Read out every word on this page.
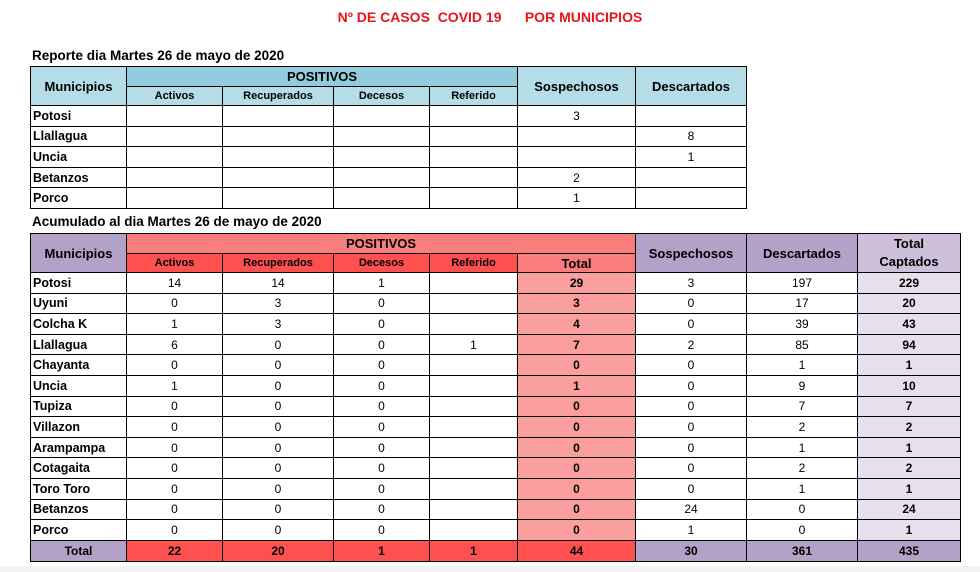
Nº DE CASOS  COVID 19 POR MUNICIPIOS
Reporte dia Martes 26 de mayo de 2020
Municipios	POSITIVOS				Sospechosos	Descartados
	Activos	Recuperados	Decesos	Referido		
Potosi					3	
Llallagua						8
Uncia						1
Betanzos					2	
Porco					1	
Acumulado al dia Martes 26 de mayo de 2020
Municipios	POSITIVOS					Sospechosos	Descartados	Total
Captados
	Activos	Recuperados	Decesos	Referido	Total			
Potosi	14	14	1		29	3	197	229
Uyuni	0	3	0		3	0	17	20
Colcha K	1	3	0		4	0	39	43
Llallagua	6	0	0	1	7	2	85	94
Chayanta	0	0	0		0	0	1	1
Uncia	1	0	0		1	0	9	10
Tupiza	0	0	0		0	0	7	7
Villazon	0	0	0		0	0	2	2
Arampampa	0	0	0		0	0	1	1
Cotagaita	0	0	0		0	0	2	2
Toro Toro	0	0	0		0	0	1	1
Betanzos	0	0	0		0	24	0	24
Porco	0	0	0		0	1	0	1
Total	22	20	1	1	44	30	361	435
